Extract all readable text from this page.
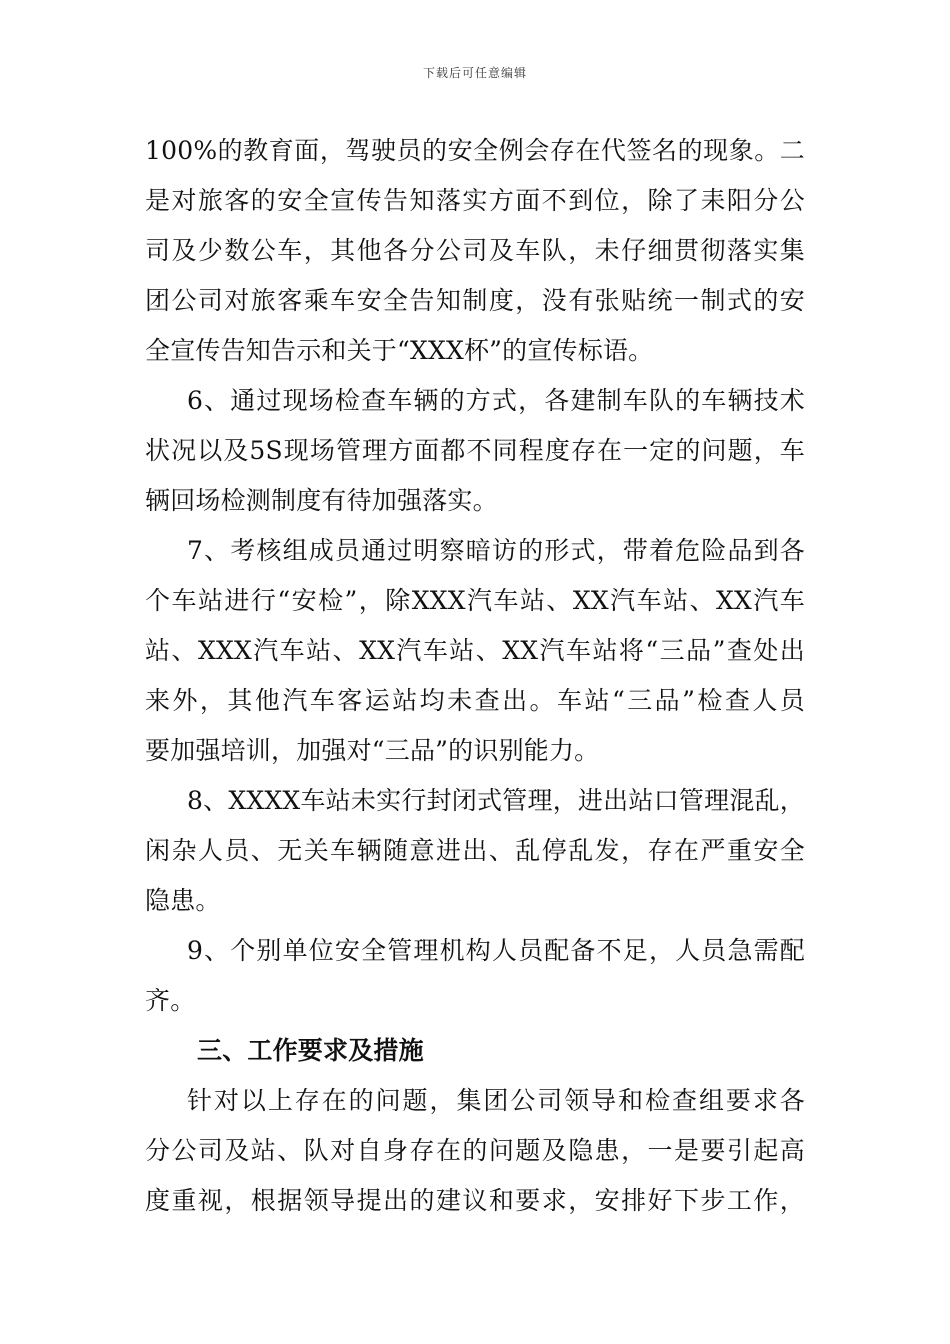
下载后可任意编辑
100%的教育面，驾驶员的安全例会存在代签名的现象。二
是对旅客的安全宣传告知落实方面不到位，除了耒阳分公
司及少数公车，其他各分公司及车队，未仔细贯彻落实集
团公司对旅客乘车安全告知制度，没有张贴统一制式的安
全宣传告知告示和关于“XXX杯”的宣传标语。
6、通过现场检查车辆的方式，各建制车队的车辆技术
状况以及5S现场管理方面都不同程度存在一定的问题，车
辆回场检测制度有待加强落实。
7、考核组成员通过明察暗访的形式，带着危险品到各
个车站进行“安检”，除XXX汽车站、XX汽车站、XX汽车
站、XXX汽车站、XX汽车站、XX汽车站将“三品”查处出
来外，其他汽车客运站均未查出。车站“三品”检查人员
要加强培训，加强对“三品”的识别能力。
8、XXXX车站未实行封闭式管理，进出站口管理混乱，
闲杂人员、无关车辆随意进出、乱停乱发，存在严重安全
隐患。
9、个别单位安全管理机构人员配备不足，人员急需配
齐。
三、工作要求及措施
针对以上存在的问题，集团公司领导和检查组要求各
分公司及站、队对自身存在的问题及隐患，一是要引起高
度重视，根据领导提出的建议和要求，安排好下步工作，
